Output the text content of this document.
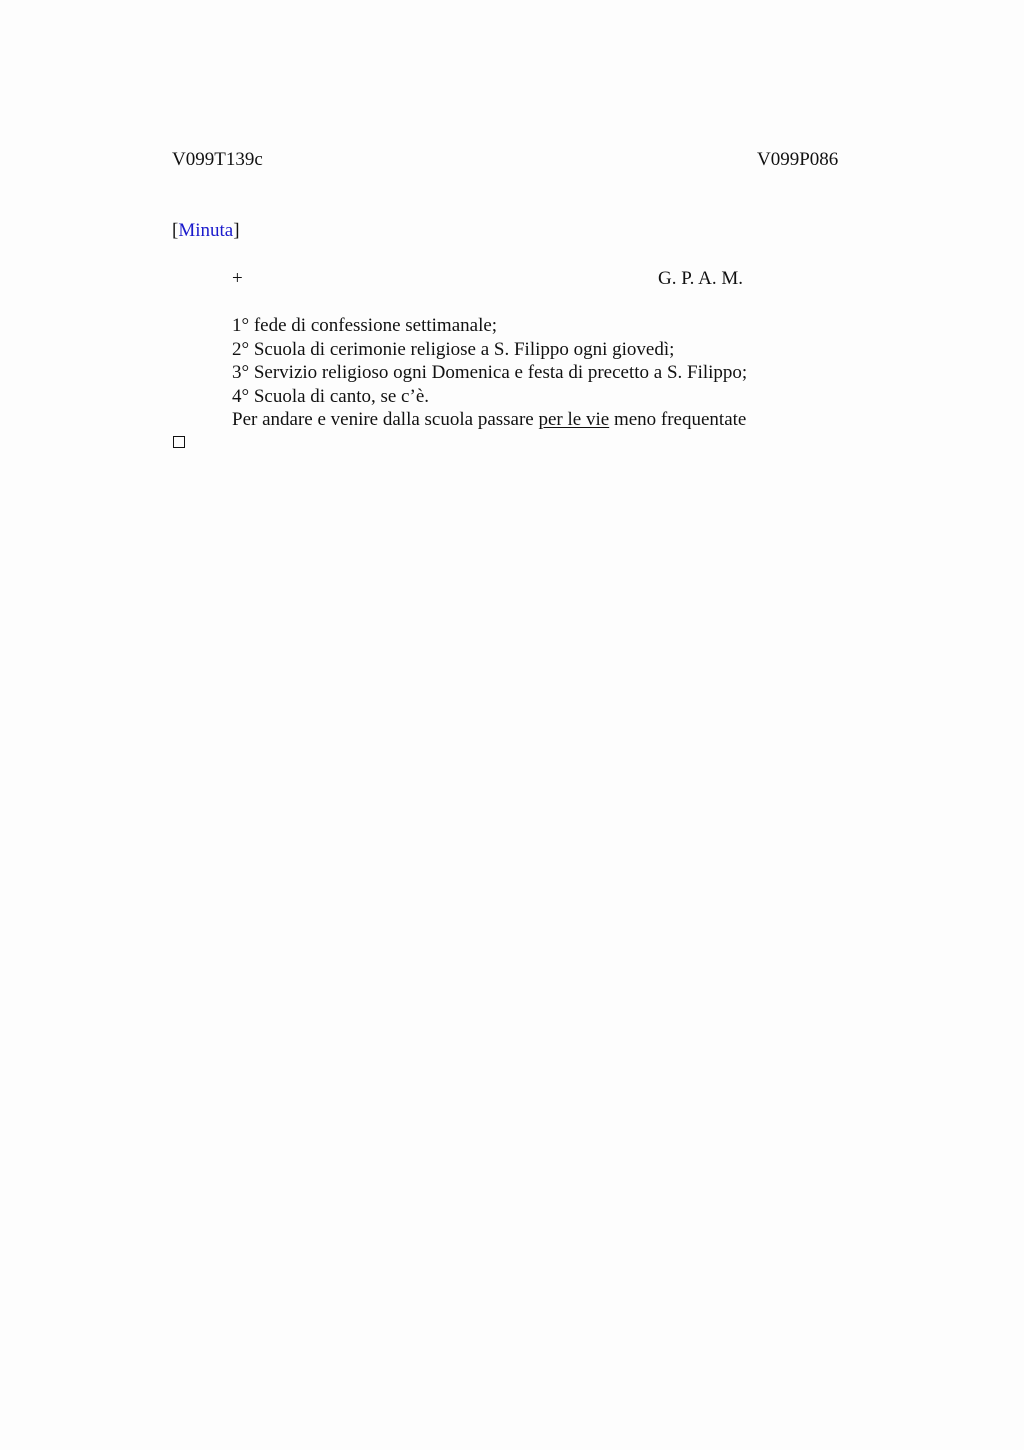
V099T139c	V099P086
[Minuta]
+	G. P. A. M.
1° fede di confessione settimanale;
2° Scuola di cerimonie religiose a S. Filippo ogni giovedì;
3° Servizio religioso ogni Domenica e festa di precetto a S. Filippo;
4° Scuola di canto, se c’è.
Per andare e venire dalla scuola passare per le vie meno frequentate
